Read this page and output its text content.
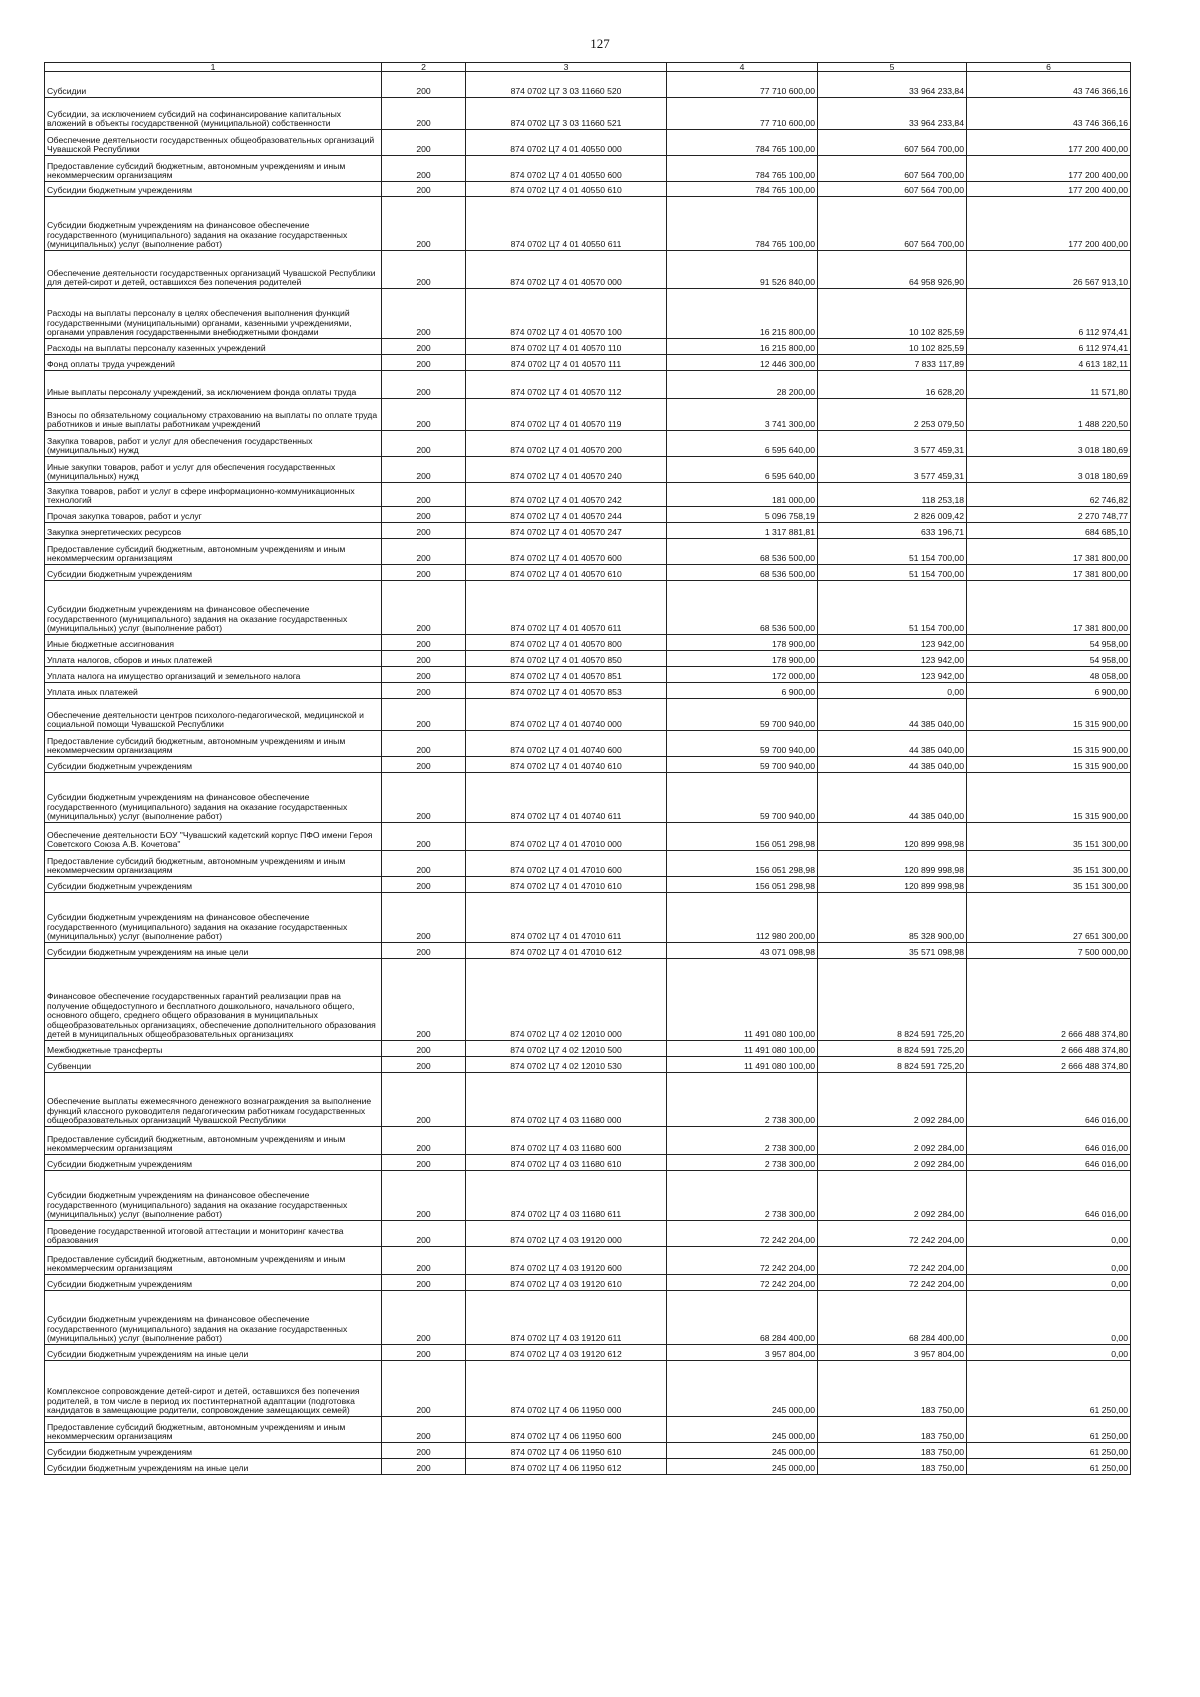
127
1	2	3	4	5	6
Субсидии	200	874 0702 Ц7 3 03 11660 520	77 710 600,00	33 964 233,84	43 746 366,16
Субсидии, за исключением субсидий на софинансирование капитальных вложений в объекты государственной (муниципальной) собственности	200	874 0702 Ц7 3 03 11660 521	77 710 600,00	33 964 233,84	43 746 366,16
Обеспечение деятельности государственных общеобразовательных организаций Чувашской Республики	200	874 0702 Ц7 4 01 40550 000	784 765 100,00	607 564 700,00	177 200 400,00
Предоставление субсидий бюджетным, автономным учреждениям и иным некоммерческим организациям	200	874 0702 Ц7 4 01 40550 600	784 765 100,00	607 564 700,00	177 200 400,00
Субсидии бюджетным учреждениям	200	874 0702 Ц7 4 01 40550 610	784 765 100,00	607 564 700,00	177 200 400,00
Субсидии бюджетным учреждениям на финансовое обеспечение государственного (муниципального) задания на оказание государственных (муниципальных) услуг (выполнение работ)	200	874 0702 Ц7 4 01 40550 611	784 765 100,00	607 564 700,00	177 200 400,00
Обеспечение деятельности государственных организаций Чувашской Республики для детей-сирот и детей, оставшихся без попечения родителей	200	874 0702 Ц7 4 01 40570 000	91 526 840,00	64 958 926,90	26 567 913,10
Расходы на выплаты персоналу в целях обеспечения выполнения функций государственными (муниципальными) органами, казенными учреждениями, органами управления государственными внебюджетными фондами	200	874 0702 Ц7 4 01 40570 100	16 215 800,00	10 102 825,59	6 112 974,41
Расходы на выплаты персоналу казенных учреждений	200	874 0702 Ц7 4 01 40570 110	16 215 800,00	10 102 825,59	6 112 974,41
Фонд оплаты труда учреждений	200	874 0702 Ц7 4 01 40570 111	12 446 300,00	7 833 117,89	4 613 182,11
Иные выплаты персоналу учреждений, за исключением фонда оплаты труда	200	874 0702 Ц7 4 01 40570 112	28 200,00	16 628,20	11 571,80
Взносы по обязательному социальному страхованию на выплаты по оплате труда работников и иные выплаты работникам учреждений	200	874 0702 Ц7 4 01 40570 119	3 741 300,00	2 253 079,50	1 488 220,50
Закупка товаров, работ и услуг для обеспечения государственных (муниципальных) нужд	200	874 0702 Ц7 4 01 40570 200	6 595 640,00	3 577 459,31	3 018 180,69
Иные закупки товаров, работ и услуг для обеспечения государственных (муниципальных) нужд	200	874 0702 Ц7 4 01 40570 240	6 595 640,00	3 577 459,31	3 018 180,69
Закупка товаров, работ и услуг в сфере информационно-коммуникационных технологий	200	874 0702 Ц7 4 01 40570 242	181 000,00	118 253,18	62 746,82
Прочая закупка товаров, работ и услуг	200	874 0702 Ц7 4 01 40570 244	5 096 758,19	2 826 009,42	2 270 748,77
Закупка энергетических ресурсов	200	874 0702 Ц7 4 01 40570 247	1 317 881,81	633 196,71	684 685,10
Предоставление субсидий бюджетным, автономным учреждениям и иным некоммерческим организациям	200	874 0702 Ц7 4 01 40570 600	68 536 500,00	51 154 700,00	17 381 800,00
Субсидии бюджетным учреждениям	200	874 0702 Ц7 4 01 40570 610	68 536 500,00	51 154 700,00	17 381 800,00
Субсидии бюджетным учреждениям на финансовое обеспечение государственного (муниципального) задания на оказание государственных (муниципальных) услуг (выполнение работ)	200	874 0702 Ц7 4 01 40570 611	68 536 500,00	51 154 700,00	17 381 800,00
Иные бюджетные ассигнования	200	874 0702 Ц7 4 01 40570 800	178 900,00	123 942,00	54 958,00
Уплата налогов, сборов и иных платежей	200	874 0702 Ц7 4 01 40570 850	178 900,00	123 942,00	54 958,00
Уплата налога на имущество организаций и земельного налога	200	874 0702 Ц7 4 01 40570 851	172 000,00	123 942,00	48 058,00
Уплата иных платежей	200	874 0702 Ц7 4 01 40570 853	6 900,00	0,00	6 900,00
Обеспечение деятельности центров психолого-педагогической, медицинской и социальной помощи Чувашской Республики	200	874 0702 Ц7 4 01 40740 000	59 700 940,00	44 385 040,00	15 315 900,00
Предоставление субсидий бюджетным, автономным учреждениям и иным некоммерческим организациям	200	874 0702 Ц7 4 01 40740 600	59 700 940,00	44 385 040,00	15 315 900,00
Субсидии бюджетным учреждениям	200	874 0702 Ц7 4 01 40740 610	59 700 940,00	44 385 040,00	15 315 900,00
Субсидии бюджетным учреждениям на финансовое обеспечение государственного (муниципального) задания на оказание государственных (муниципальных) услуг (выполнение работ)	200	874 0702 Ц7 4 01 40740 611	59 700 940,00	44 385 040,00	15 315 900,00
Обеспечение деятельности БОУ "Чувашский кадетский корпус ПФО имени Героя Советского Союза А.В. Кочетова"	200	874 0702 Ц7 4 01 47010 000	156 051 298,98	120 899 998,98	35 151 300,00
Предоставление субсидий бюджетным, автономным учреждениям и иным некоммерческим организациям	200	874 0702 Ц7 4 01 47010 600	156 051 298,98	120 899 998,98	35 151 300,00
Субсидии бюджетным учреждениям	200	874 0702 Ц7 4 01 47010 610	156 051 298,98	120 899 998,98	35 151 300,00
Субсидии бюджетным учреждениям на финансовое обеспечение государственного (муниципального) задания на оказание государственных (муниципальных) услуг (выполнение работ)	200	874 0702 Ц7 4 01 47010 611	112 980 200,00	85 328 900,00	27 651 300,00
Субсидии бюджетным учреждениям на иные цели	200	874 0702 Ц7 4 01 47010 612	43 071 098,98	35 571 098,98	7 500 000,00
Финансовое обеспечение государственных гарантий реализации прав на получение общедоступного и бесплатного дошкольного, начального общего, основного общего, среднего общего образования в муниципальных общеобразовательных организациях, обеспечение дополнительного образования детей в муниципальных общеобразовательных организациях	200	874 0702 Ц7 4 02 12010 000	11 491 080 100,00	8 824 591 725,20	2 666 488 374,80
Межбюджетные трансферты	200	874 0702 Ц7 4 02 12010 500	11 491 080 100,00	8 824 591 725,20	2 666 488 374,80
Субвенции	200	874 0702 Ц7 4 02 12010 530	11 491 080 100,00	8 824 591 725,20	2 666 488 374,80
Обеспечение выплаты ежемесячного денежного вознаграждения за выполнение функций классного руководителя педагогическим работникам государственных общеобразовательных организаций Чувашской Республики	200	874 0702 Ц7 4 03 11680 000	2 738 300,00	2 092 284,00	646 016,00
Предоставление субсидий бюджетным, автономным учреждениям и иным некоммерческим организациям	200	874 0702 Ц7 4 03 11680 600	2 738 300,00	2 092 284,00	646 016,00
Субсидии бюджетным учреждениям	200	874 0702 Ц7 4 03 11680 610	2 738 300,00	2 092 284,00	646 016,00
Субсидии бюджетным учреждениям на финансовое обеспечение государственного (муниципального) задания на оказание государственных (муниципальных) услуг (выполнение работ)	200	874 0702 Ц7 4 03 11680 611	2 738 300,00	2 092 284,00	646 016,00
Проведение государственной итоговой аттестации и мониторинг качества образования	200	874 0702 Ц7 4 03 19120 000	72 242 204,00	72 242 204,00	0,00
Предоставление субсидий бюджетным, автономным учреждениям и иным некоммерческим организациям	200	874 0702 Ц7 4 03 19120 600	72 242 204,00	72 242 204,00	0,00
Субсидии бюджетным учреждениям	200	874 0702 Ц7 4 03 19120 610	72 242 204,00	72 242 204,00	0,00
Субсидии бюджетным учреждениям на финансовое обеспечение государственного (муниципального) задания на оказание государственных (муниципальных) услуг (выполнение работ)	200	874 0702 Ц7 4 03 19120 611	68 284 400,00	68 284 400,00	0,00
Субсидии бюджетным учреждениям на иные цели	200	874 0702 Ц7 4 03 19120 612	3 957 804,00	3 957 804,00	0,00
Комплексное сопровождение детей-сирот и детей, оставшихся без попечения родителей, в том числе в период их постинтернатной адаптации (подготовка кандидатов в замещающие родители, сопровождение замещающих семей)	200	874 0702 Ц7 4 06 11950 000	245 000,00	183 750,00	61 250,00
Предоставление субсидий бюджетным, автономным учреждениям и иным некоммерческим организациям	200	874 0702 Ц7 4 06 11950 600	245 000,00	183 750,00	61 250,00
Субсидии бюджетным учреждениям	200	874 0702 Ц7 4 06 11950 610	245 000,00	183 750,00	61 250,00
Субсидии бюджетным учреждениям на иные цели	200	874 0702 Ц7 4 06 11950 612	245 000,00	183 750,00	61 250,00
